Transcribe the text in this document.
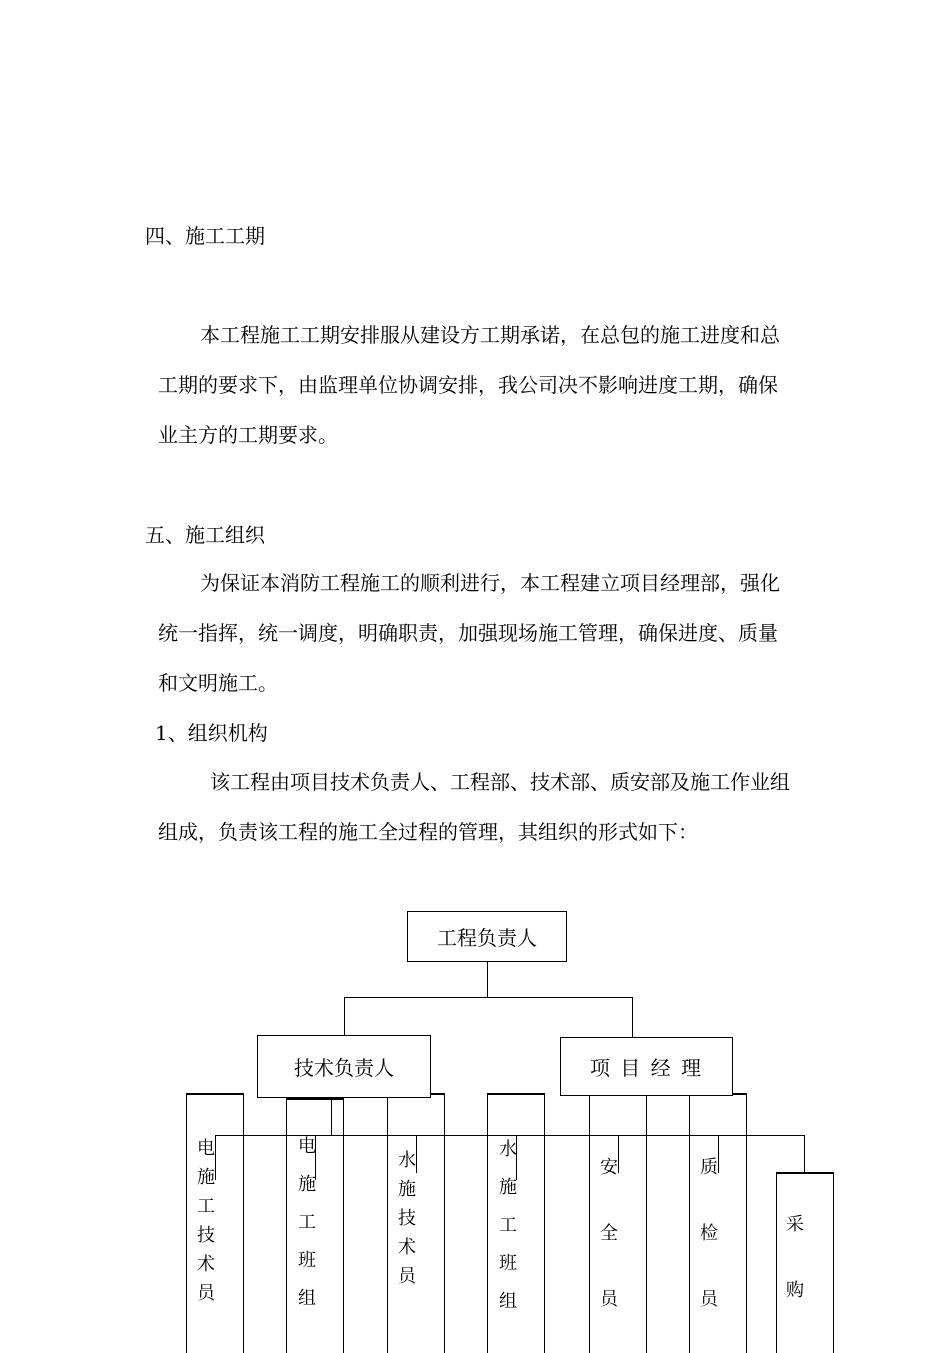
四、施工工期
本工程施工工期安排服从建设方工期承诺，在总包的施工进度和总
工期的要求下，由监理单位协调安排，我公司决不影响进度工期，确保
业主方的工期要求。
五、施工组织
为保证本消防工程施工的顺利进行，本工程建立项目经理部，强化
统一指挥，统一调度，明确职责，加强现场施工管理，确保进度、质量
和文明施工。
1、组织机构
该工程由项目技术负责人、工程部、技术部、质安部及施工作业组
组成，负责该工程的施工全过程的管理，其组织的形式如下：
技术负责人	项 目 经 理
工程负责人
电
施
工
技
术
员
电
施
工
班
组
水
施
技
术
员
水
施
工
班
组
安
全
员
质
检
员
采
购
